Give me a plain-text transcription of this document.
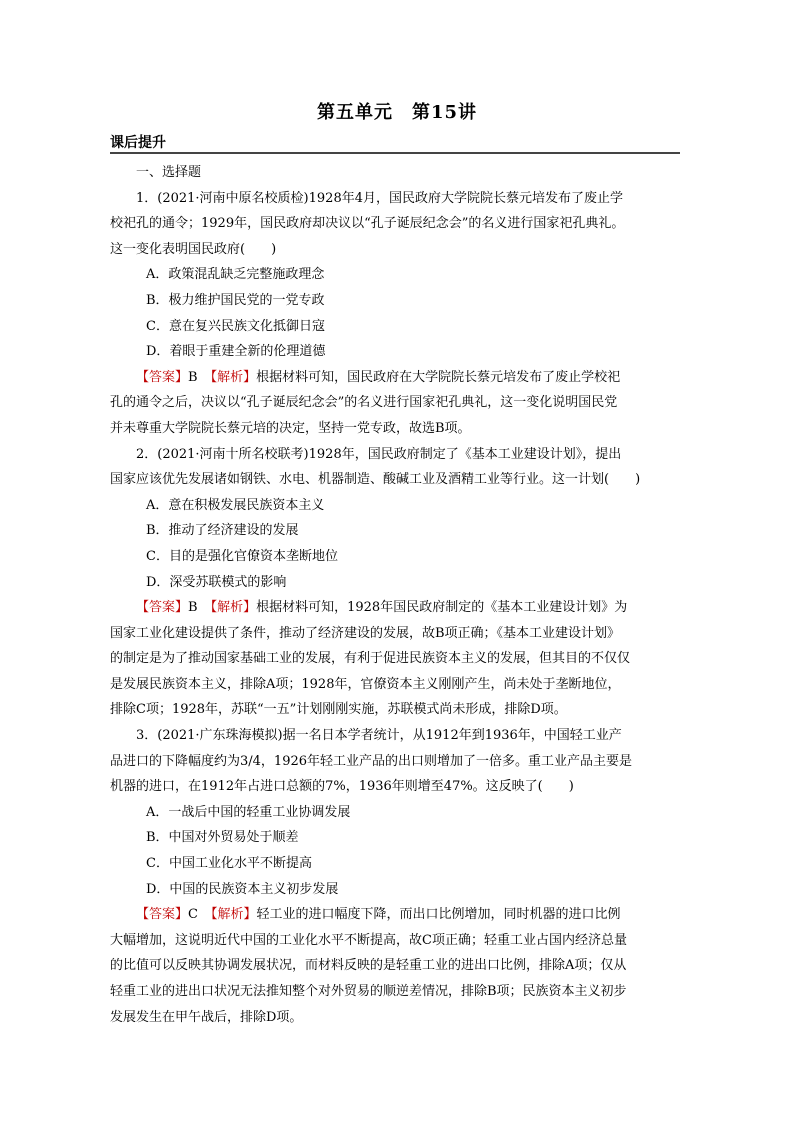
第五单元　第15讲
课后提升
一、选择题
1．(2021·河南中原名校质检)1928年4月，国民政府大学院院长蔡元培发布了废止学
校祀孔的通令；1929年，国民政府却决议以“孔子诞辰纪念会”的名义进行国家祀孔典礼。
这一变化表明国民政府(　　)
A．政策混乱缺乏完整施政理念
B．极力维护国民党的一党专政
C．意在复兴民族文化抵御日寇
D．着眼于重建全新的伦理道德
【答案】B　 【解析】根据材料可知，国民政府在大学院院长蔡元培发布了废止学校祀
孔的通令之后，决议以“孔子诞辰纪念会”的名义进行国家祀孔典礼，这一变化说明国民党
并未尊重大学院院长蔡元培的决定，坚持一党专政，故选B项。
2．(2021·河南十所名校联考)1928年，国民政府制定了《基本工业建设计划》，提出
国家应该优先发展诸如钢铁、水电、机器制造、酸碱工业及酒精工业等行业。这一计划(　　)
A．意在积极发展民族资本主义
B．推动了经济建设的发展
C．目的是强化官僚资本垄断地位
D．深受苏联模式的影响
【答案】B　 【解析】根据材料可知，1928年国民政府制定的《基本工业建设计划》为
国家工业化建设提供了条件，推动了经济建设的发展，故B项正确；《基本工业建设计划》
的制定是为了推动国家基础工业的发展，有利于促进民族资本主义的发展，但其目的不仅仅
是发展民族资本主义，排除A项；1928年，官僚资本主义刚刚产生，尚未处于垄断地位，
排除C项；1928年，苏联“一五”计划刚刚实施，苏联模式尚未形成，排除D项。
3．(2021·广东珠海模拟)据一名日本学者统计，从1912年到1936年，中国轻工业产
品进口的下降幅度约为3/4，1926年轻工业产品的出口则增加了一倍多。重工业产品主要是
机器的进口，在1912年占进口总额的7%，1936年则增至47%。这反映了(　　)
A．一战后中国的轻重工业协调发展
B．中国对外贸易处于顺差
C．中国工业化水平不断提高
D．中国的民族资本主义初步发展
【答案】C　 【解析】轻工业的进口幅度下降，而出口比例增加，同时机器的进口比例
大幅增加，这说明近代中国的工业化水平不断提高，故C项正确；轻重工业占国内经济总量
的比值可以反映其协调发展状况，而材料反映的是轻重工业的进出口比例，排除A项；仅从
轻重工业的进出口状况无法推知整个对外贸易的顺逆差情况，排除B项；民族资本主义初步
发展发生在甲午战后，排除D项。
